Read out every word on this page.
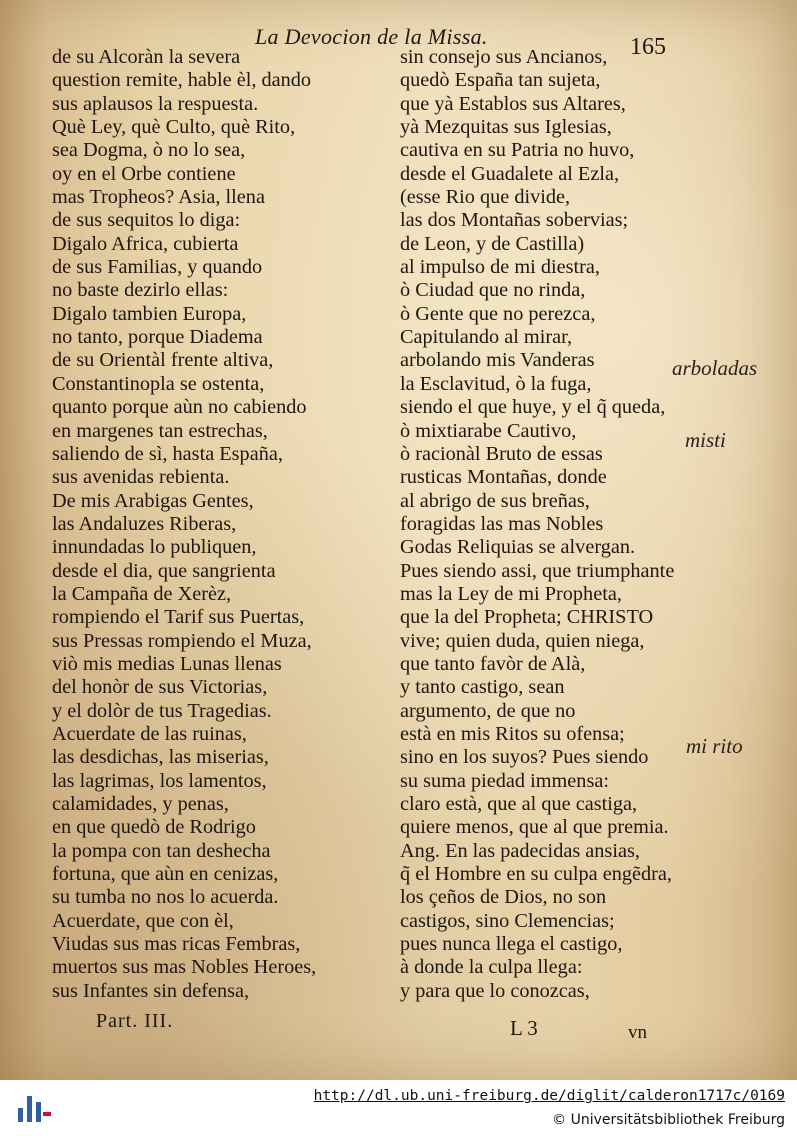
La Devocion de la Missa.	165
de su Alcoràn la severa
question remite, hable èl, dando
sus aplausos la respuesta.
Què Ley, què Culto, què Rito,
sea Dogma, ò no lo sea,
oy en el Orbe contiene
mas Tropheos? Asia, llena
de sus sequitos lo diga:
Digalo Africa, cubierta
de sus Familias, y quando
no baste dezirlo ellas:
Digalo tambien Europa,
no tanto, porque Diadema
de su Orientàl frente altiva,
Constantinopla se ostenta,
quanto porque aùn no cabiendo
en margenes tan estrechas,
saliendo de sì, hasta España,
sus avenidas rebienta.
De mis Arabigas Gentes,
las Andaluzes Riberas,
innundadas lo publiquen,
desde el dia, que sangrienta
la Campaña de Xerèz,
rompiendo el Tarif sus Puertas,
sus Pressas rompiendo el Muza,
viò mis medias Lunas llenas
del honòr de sus Victorias,
y el dolòr de tus Tragedias.
Acuerdate de las ruinas,
las desdichas, las miserias,
las lagrimas, los lamentos,
calamidades, y penas,
en que quedò de Rodrigo
la pompa con tan deshecha
fortuna, que aùn en cenizas,
su tumba no nos lo acuerda.
Acuerdate, que con èl,
Viudas sus mas ricas Fembras,
muertos sus mas Nobles Heroes,
sus Infantes sin defensa,
sin consejo sus Ancianos,
quedò España tan sujeta,
que yà Establos sus Altares,
yà Mezquitas sus Iglesias,
cautiva en su Patria no huvo,
desde el Guadalete al Ezla,
(esse Rio que divide,
las dos Montañas sobervias;
de Leon, y de Castilla)
al impulso de mi diestra,
ò Ciudad que no rinda,
ò Gente que no perezca,
Capitulando al mirar,
arbolando mis Vanderas
la Esclavitud, ò la fuga,
siendo el que huye, y el q̃ queda,
ò mixtiarabe Cautivo,
ò racionàl Bruto de essas
rusticas Montañas, donde
al abrigo de sus breñas,
foragidas las mas Nobles
Godas Reliquias se alvergan.
Pues siendo assi, que triumphante
mas la Ley de mi Propheta,
que la del Propheta; CHRISTO
vive; quien duda, quien niega,
que tanto favòr de Alà,
y tanto castigo, sean
argumento, de que no
està en mis Ritos su ofensa;
sino en los suyos? Pues siendo
su suma piedad immensa:
claro està, que al que castiga,
quiere menos, que al que premia.
Ang. En las padecidas ansias,
q̃ el Hombre en su culpa engẽdra,
los çeños de Dios, no son
castigos, sino Clemencias;
pues nunca llega el castigo,
à donde la culpa llega:
y para que lo conozcas,
arboladas
misti
mi rito
Part. III.	L 3	vn
http://dl.ub.uni-freiburg.de/diglit/calderon1717c/0169
© Universitätsbibliothek Freiburg
